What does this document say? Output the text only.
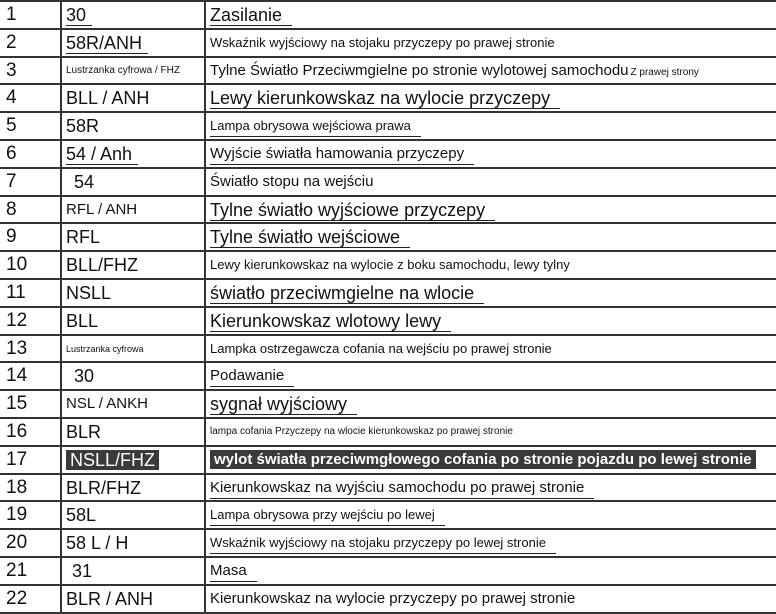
1	30	Zasilanie
2	58R/ANH	Wskaźnik wyjściowy na stojaku przyczepy po prawej stronie
3	Lustrzanka cyfrowa / FHZ	Tylne Światło Przeciwmgielne po stronie wylotowej samochodu Z prawej strony
4	BLL / ANH	Lewy kierunkowskaz na wylocie przyczepy
5	58R	Lampa obrysowa wejściowa prawa
6	54 / Anh	Wyjście światła hamowania przyczepy
7	54	Światło stopu na wejściu
8	RFL / ANH	Tylne światło wyjściowe przyczepy
9	RFL	Tylne światło wejściowe
10	BLL/FHZ	Lewy kierunkowskaz na wylocie z boku samochodu, lewy tylny
11	NSLL	światło przeciwmgielne na wlocie
12	BLL	Kierunkowskaz wlotowy lewy
13	Lustrzanka cyfrowa	Lampka ostrzegawcza cofania na wejściu po prawej stronie
14	30	Podawanie
15	NSL / ANKH	sygnał wyjściowy
16	BLR	lampa cofania Przyczepy na wlocie kierunkowskaz po prawej stronie
17	NSLL/FHZ	wylot światła przeciwmgłowego cofania po stronie pojazdu po lewej stronie
18	BLR/FHZ	Kierunkowskaz na wyjściu samochodu po prawej stronie
19	58L	Lampa obrysowa przy wejściu po lewej
20	58 L / H	Wskaźnik wyjściowy na stojaku przyczepy po lewej stronie
21	31	Masa
22	BLR / ANH	Kierunkowskaz na wylocie przyczepy po prawej stronie
